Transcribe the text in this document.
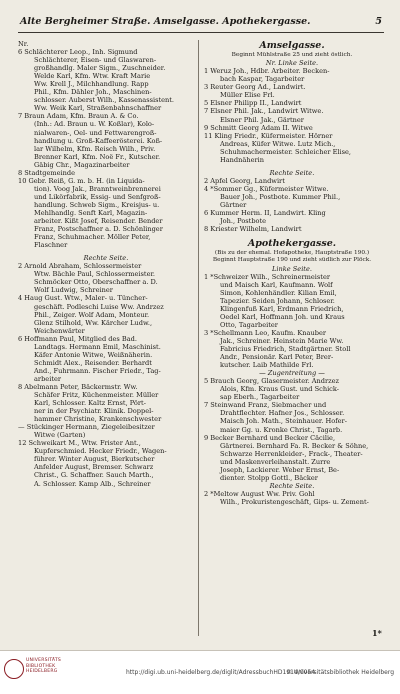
Alte Bergheimer Straße. Amselgasse. Apothekergasse.	5
Nr.
6 Schlächterer Leop., Inh. Sigmund
Schlächterer, Eisen- und Glaswaren-
großhandlg. Maler Sigm., Zuschneider.
Welde Karl, Kfm. Wtw. Kraft Marie
Ww. Krell J., Milchhandlung. Rapp
Phil., Kfm. Dähler Joh., Maschinen-
schlosser. Auberst Wilh., Kassenassistent.
Ww. Weik Karl, Straßenbahnschaffner
7 Braun Adam, Kfm. Braun A. & Co.
(Inh.: Ad. Braun u. W. Koßlar), Kolo-
nialwaren-, Oel- und Fettwarengroß-
handlung u. Groß-Kaffeerösterei. Koß-
lar Wilhelm, Kfm. Reisch Wilh., Priv.
Brenner Karl, Kfm. Noë Fr., Kutscher.
Gäbig Chr., Magazinarbeiter
8 Stadtgemeinde
10 Gebr. Reiß, G. m. b. H. (in Liquida-
tion). Voog Jak., Branntweinbrennerei
und Likörfabrik, Essig- und Senfgroß-
handlung. Schweb Sigm., Kreisjus- u.
Mehlhandlg. Senft Karl, Magazin-
arbeiter. Kißt Josef, Reisender. Bender
Franz, Postschaffner a. D. Schönlinger
Franz, Schuhmacher. Möller Peter,
Flaschner
Rechte Seite.
2 Arnold Abraham, Schlossermeister
Wtw. Bächle Paul, Schlossermeister.
Schmöcker Otto, Oberschaffner a. D.
Wolf Ludwig, Schreiner
4 Haug Gust. Wtw., Maler- u. Tüncher-
geschäft. Podleschi Luise Ww. Andrzez
Phil., Zeiger. Wolf Adam, Monteur.
Glenz Stilhold, Ww. Kärcher Ludw.,
Weichenwärter
6 Hoffmann Paul, Mitglied des Bad.
Landtags. Hermann Emil, Maschinist.
Käfer Antonie Witwe, Weißnäherin.
Schmidt Alex., Reisender. Berhardt
And., Fuhrmann. Fischer Friedr., Tag-
arbeiter
8 Abelmann Peter, Bäckermstr. Ww.
Schäfer Fritz, Küchenmeister. Müller
Karl, Schlosser. Kaltz Ernst, Pört-
ner in der Psychiatr. Klinik. Doppel-
hammer Christine, Krankenschwester
— Stückinger Hermann, Ziegeleibesitzer
Witwe (Garten)
12 Schweikart M., Wtw. Frister Ant.,
Kupferschmied. Hecker Friedr., Wagen-
führer. Winter August, Bierkutscher
Anfelder August, Bremser. Schwarz
Christ., G. Schaffner. Sauch Marth.,
A. Schlosser. Kamp Alb., Schreiner
Amselgasse.
Beginnt Mühlstraße 25 und zieht östlich.
Nr. Linke Seite.
1 Weruz Joh., Hdbr. Arbeiter. Becken-
bach Kaspar, Tagarbeiter
3 Reuter Georg Ad., Landwirt.
Müller Elise Frl.
5 Elsner Philipp II., Landwirt
7 Elsner Phil. Jak., Landwirt Witwe.
Elsner Phil. Jak., Gärtner
9 Schmitt Georg Adam II. Witwe
11 Kling Friedr., Küfermeister. Hörner
Andreas, Küfer Witwe. Lutz Mich.,
Schuhmachermeister. Schleicher Elise,
Handnäherin
Rechte Seite.
2 Apfel Georg, Landwirt
4 *Sommer Gg., Küfermeister Witwe.
Bauer Joh., Postbote. Kummer Phil.,
Gärtner
6 Kummer Herm. II, Landwirt. Kling
Joh., Postbote
8 Kriester Wilhelm, Landwirt
Apothekergasse.
(Bis zu der ehemal. Hofapotheke, Hauptstraße 190.)
Beginnt Hauptstraße 190 und zieht südlich zur Plöck.
Linke Seite.
1 *Schweizer Wilh., Schreinermeister
und Maisch Karl, Kaufmann. Wolf
Simon, Kohlenhändler. Kilian Emil,
Tapezier. Seiden Johann, Schloser.
Klingenfuß Karl, Erdmann Friedrich,
Oedel Karl, Hoffmann Joh. und Kraus
Otto, Tagarbeiter
3 *Schellmann Leo, Kaufm. Knauber
Jak., Schreiner. Heinstein Marie Ww.
Fabricius Friedrich, Stadtgärtner. Stoll
Andr., Pensionär. Karl Peter, Brer-
kutscher. Laib Mathilde Frl.
— Zugentreitung —
5 Brauch Georg, Glasermeister. Andrzez
Alois, Kfm. Kraus Gust. und Schick-
sap Eberh., Tagarbeiter
7 Steinwand Franz, Siebmacher und
Drahtflechter. Hafner Jos., Schlosser.
Maisch Joh. Math., Steinhauer. Hofer-
maier Gg. u. Kronke Christ., Tagarb.
9 Becker Bernhard und Becker Cäcilie,
Gärtnerei. Bernhard Fa. R. Becker & Söhne,
Schwarze Herrenkleider-, Frack-, Theater-
und Maskenverleihanstalt. Zurre
Joseph, Lackierer. Weber Ernst, Be-
dienter. Stolpp Gottl., Bäcker
Rechte Seite.
2 *Meltow August Ww. Priv. Gohl
Wilh., Prokuristengeschäft, Gips- u. Zement-
1*
UNIVERSITÄTS
BIBLIOTHEK
HEIDELBERG	http://digi.ub.uni-heidelberg.de/diglit/AdressbuchHD1914/0054
© Universitätsbibliothek Heidelberg
